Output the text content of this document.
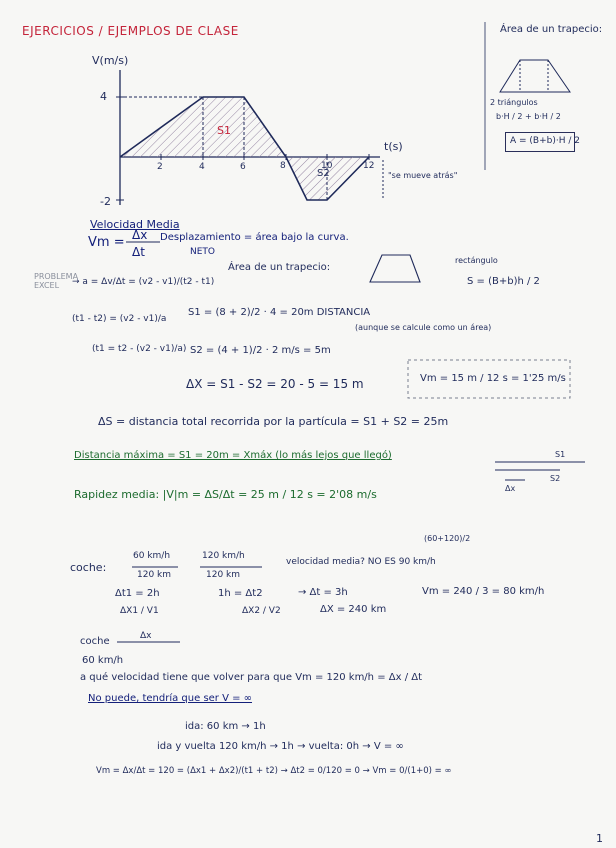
EJERCICIOS / EJEMPLOS DE CLASE
1
V(m/s)
t(s)
4
-2
2	4	6	8	10	12
S1
S2	"se mueve atrás"
Área de un trapecio:
2 triángulos
b·H / 2 + b·H / 2
A = (B+b)·H / 2
Velocidad Media
Vm = Δx
Δt
Desplazamiento = área bajo la curva.
NETO
Área de un trapecio:
rectángulo
S = (B+b)h / 2
PROBLEMA EXCEL	→ a = Δv/Δt = (v2 - v1)/(t2 - t1)
(t1 - t2) = (v2 - v1)/a
(t1 = t2 - (v2 - v1)/a)
S1 = (8 + 2)/2 · 4 = 20m DISTANCIA
(aunque se calcule como un área)
S2 = (4 + 1)/2 · 2 m/s = 5m
ΔX = S1 - S2 = 20 - 5 = 15 m	Vm = 15 m / 12 s = 1'25 m/s
ΔS = distancia total recorrida por la partícula = S1 + S2 = 25m
Distancia máxima = S1 = 20m = Xmáx (lo más lejos que llegó)
Rapidez media: |V|m = ΔS/Δt = 25 m / 12 s = 2'08 m/s
S1
S2
Δx
coche:
60 km/h
120 km
120 km/h
120 km
velocidad media? NO ES 90 km/h
(60+120)/2
Δt1 = 2h	1h = Δt2	→ Δt = 3h
ΔX = 240 km
ΔX1 / V1	ΔX2 / V2
Vm = 240 / 3 = 80 km/h
coche	Δx
60 km/h
a qué velocidad tiene que volver para que Vm = 120 km/h = Δx / Δt
No puede, tendría que ser V = ∞
ida: 60 km → 1h
ida y vuelta 120 km/h → 1h → vuelta: 0h → V = ∞
Vm = Δx/Δt = 120 = (Δx1 + Δx2)/(t1 + t2) → Δt2 = 0/120 = 0 → Vm = 0/(1+0) = ∞
